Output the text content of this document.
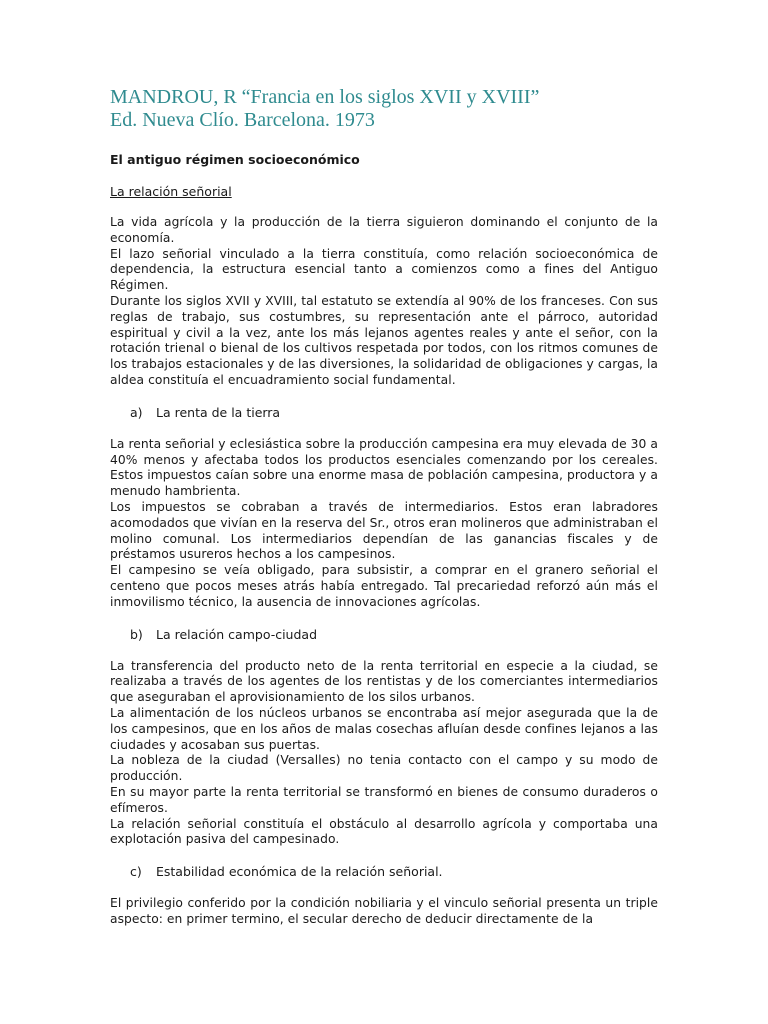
MANDROU, R “Francia en los siglos XVII y XVIII”
Ed. Nueva Clío. Barcelona. 1973
El antiguo régimen socioeconómico
La relación señorial

La vida agrícola y la producción de la tierra siguieron dominando el conjunto de la economía.

El lazo señorial vinculado a la tierra constituía, como relación socioeconómica de dependencia, la estructura esencial tanto a comienzos como a fines del Antiguo Régimen.

Durante los siglos XVII y XVIII, tal estatuto se extendía al 90% de los franceses. Con sus reglas de trabajo, sus costumbres, su representación ante el párroco, autoridad espiritual y civil a la vez, ante los más lejanos agentes reales y ante el señor, con la rotación trienal o bienal de los cultivos respetada por todos, con los ritmos comunes de los trabajos estacionales y de las diversiones, la solidaridad de obligaciones y cargas, la aldea constituía el encuadramiento social fundamental.

a)	La renta de la tierra

La renta señorial y eclesiástica sobre la producción campesina era muy elevada de 30 a 40% menos y afectaba todos los productos esenciales comenzando por los cereales. Estos impuestos caían sobre una enorme masa de población campesina, productora y a menudo hambrienta.

Los impuestos se cobraban a través de intermediarios. Estos eran labradores acomodados que vivían en la reserva del Sr., otros eran molineros que administraban el molino comunal. Los intermediarios dependían de las ganancias fiscales y de préstamos usureros hechos a los campesinos.

El campesino se veía obligado, para subsistir, a comprar en el granero señorial el centeno que pocos meses atrás había entregado. Tal precariedad reforzó aún más el inmovilismo técnico, la ausencia de innovaciones agrícolas.

b)	La relación campo-ciudad

La transferencia del producto neto de la renta territorial en especie a la ciudad, se realizaba a través de los agentes de los rentistas y de los comerciantes intermediarios que aseguraban el aprovisionamiento de los silos urbanos.

La alimentación de los núcleos urbanos se encontraba así mejor asegurada que la de los campesinos, que en los años de malas cosechas afluían desde confines lejanos a las ciudades y acosaban sus puertas.

La nobleza de la ciudad (Versalles) no tenia contacto con el campo y su modo de producción.

En su mayor parte la renta territorial se transformó en bienes de consumo duraderos o efímeros.

La relación señorial constituía el obstáculo al desarrollo agrícola y comportaba una explotación pasiva del campesinado.

c)	Estabilidad económica de la relación señorial.

El privilegio conferido por la condición nobiliaria y el vinculo señorial presenta un triple aspecto: en primer termino, el secular derecho de deducir directamente de la
